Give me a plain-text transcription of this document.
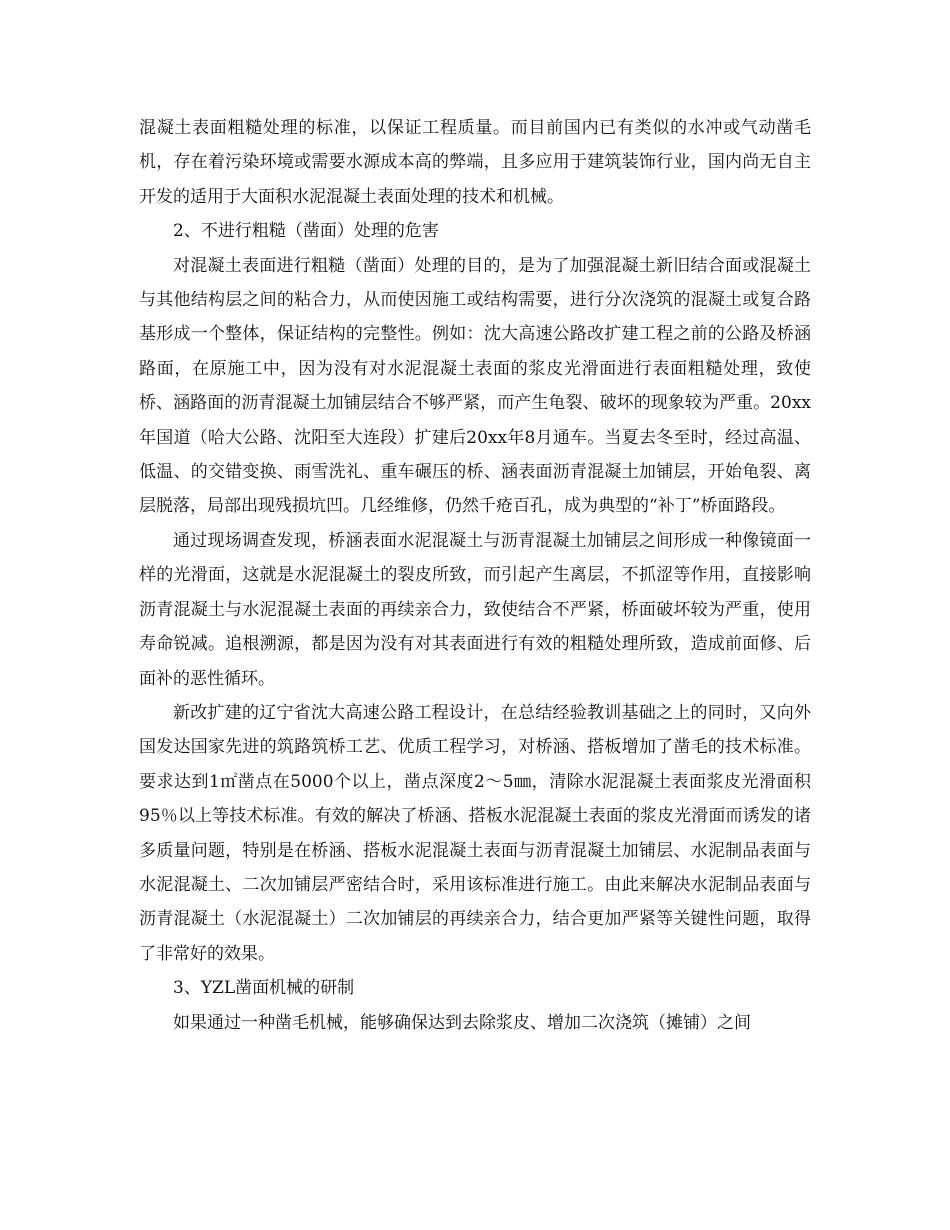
混凝土表面粗糙处理的标准，以保证工程质量。而目前国内已有类似的水冲或气动凿毛机，存在着污染环境或需要水源成本高的弊端，且多应用于建筑装饰行业，国内尚无自主开发的适用于大面积水泥混凝土表面处理的技术和机械。

2、不进行粗糙（凿面）处理的危害

对混凝土表面进行粗糙（凿面）处理的目的，是为了加强混凝土新旧结合面或混凝土与其他结构层之间的粘合力，从而使因施工或结构需要，进行分次浇筑的混凝土或复合路基形成一个整体，保证结构的完整性。例如：沈大高速公路改扩建工程之前的公路及桥涵路面，在原施工中，因为没有对水泥混凝土表面的浆皮光滑面进行表面粗糙处理，致使桥、涵路面的沥青混凝土加铺层结合不够严紧，而产生龟裂、破坏的现象较为严重。20xx年国道（哈大公路、沈阳至大连段）扩建后20xx年8月通车。当夏去冬至时，经过高温、低温、的交错变换、雨雪洗礼、重车碾压的桥、涵表面沥青混凝土加铺层，开始龟裂、离层脱落，局部出现残损坑凹。几经维修，仍然千疮百孔，成为典型的“补丁”桥面路段。

通过现场调查发现，桥涵表面水泥混凝土与沥青混凝土加铺层之间形成一种像镜面一样的光滑面，这就是水泥混凝土的裂皮所致，而引起产生离层，不抓涩等作用，直接影响沥青混凝土与水泥混凝土表面的再续亲合力，致使结合不严紧，桥面破坏较为严重，使用寿命锐减。追根溯源，都是因为没有对其表面进行有效的粗糙处理所致，造成前面修、后面补的恶性循环。

新改扩建的辽宁省沈大高速公路工程设计，在总结经验教训基础之上的同时，又向外国发达国家先进的筑路筑桥工艺、优质工程学习，对桥涵、搭板增加了凿毛的技术标准。要求达到1㎡凿点在5000个以上，凿点深度2～5㎜，清除水泥混凝土表面浆皮光滑面积95％以上等技术标准。有效的解决了桥涵、搭板水泥混凝土表面的浆皮光滑面而诱发的诸多质量问题，特别是在桥涵、搭板水泥混凝土表面与沥青混凝土加铺层、水泥制品表面与水泥混凝土、二次加铺层严密结合时，采用该标准进行施工。由此来解决水泥制品表面与沥青混凝土（水泥混凝土）二次加铺层的再续亲合力，结合更加严紧等关键性问题，取得了非常好的效果。

3、YZL凿面机械的研制

如果通过一种凿毛机械，能够确保达到去除浆皮、增加二次浇筑（摊铺）之间
